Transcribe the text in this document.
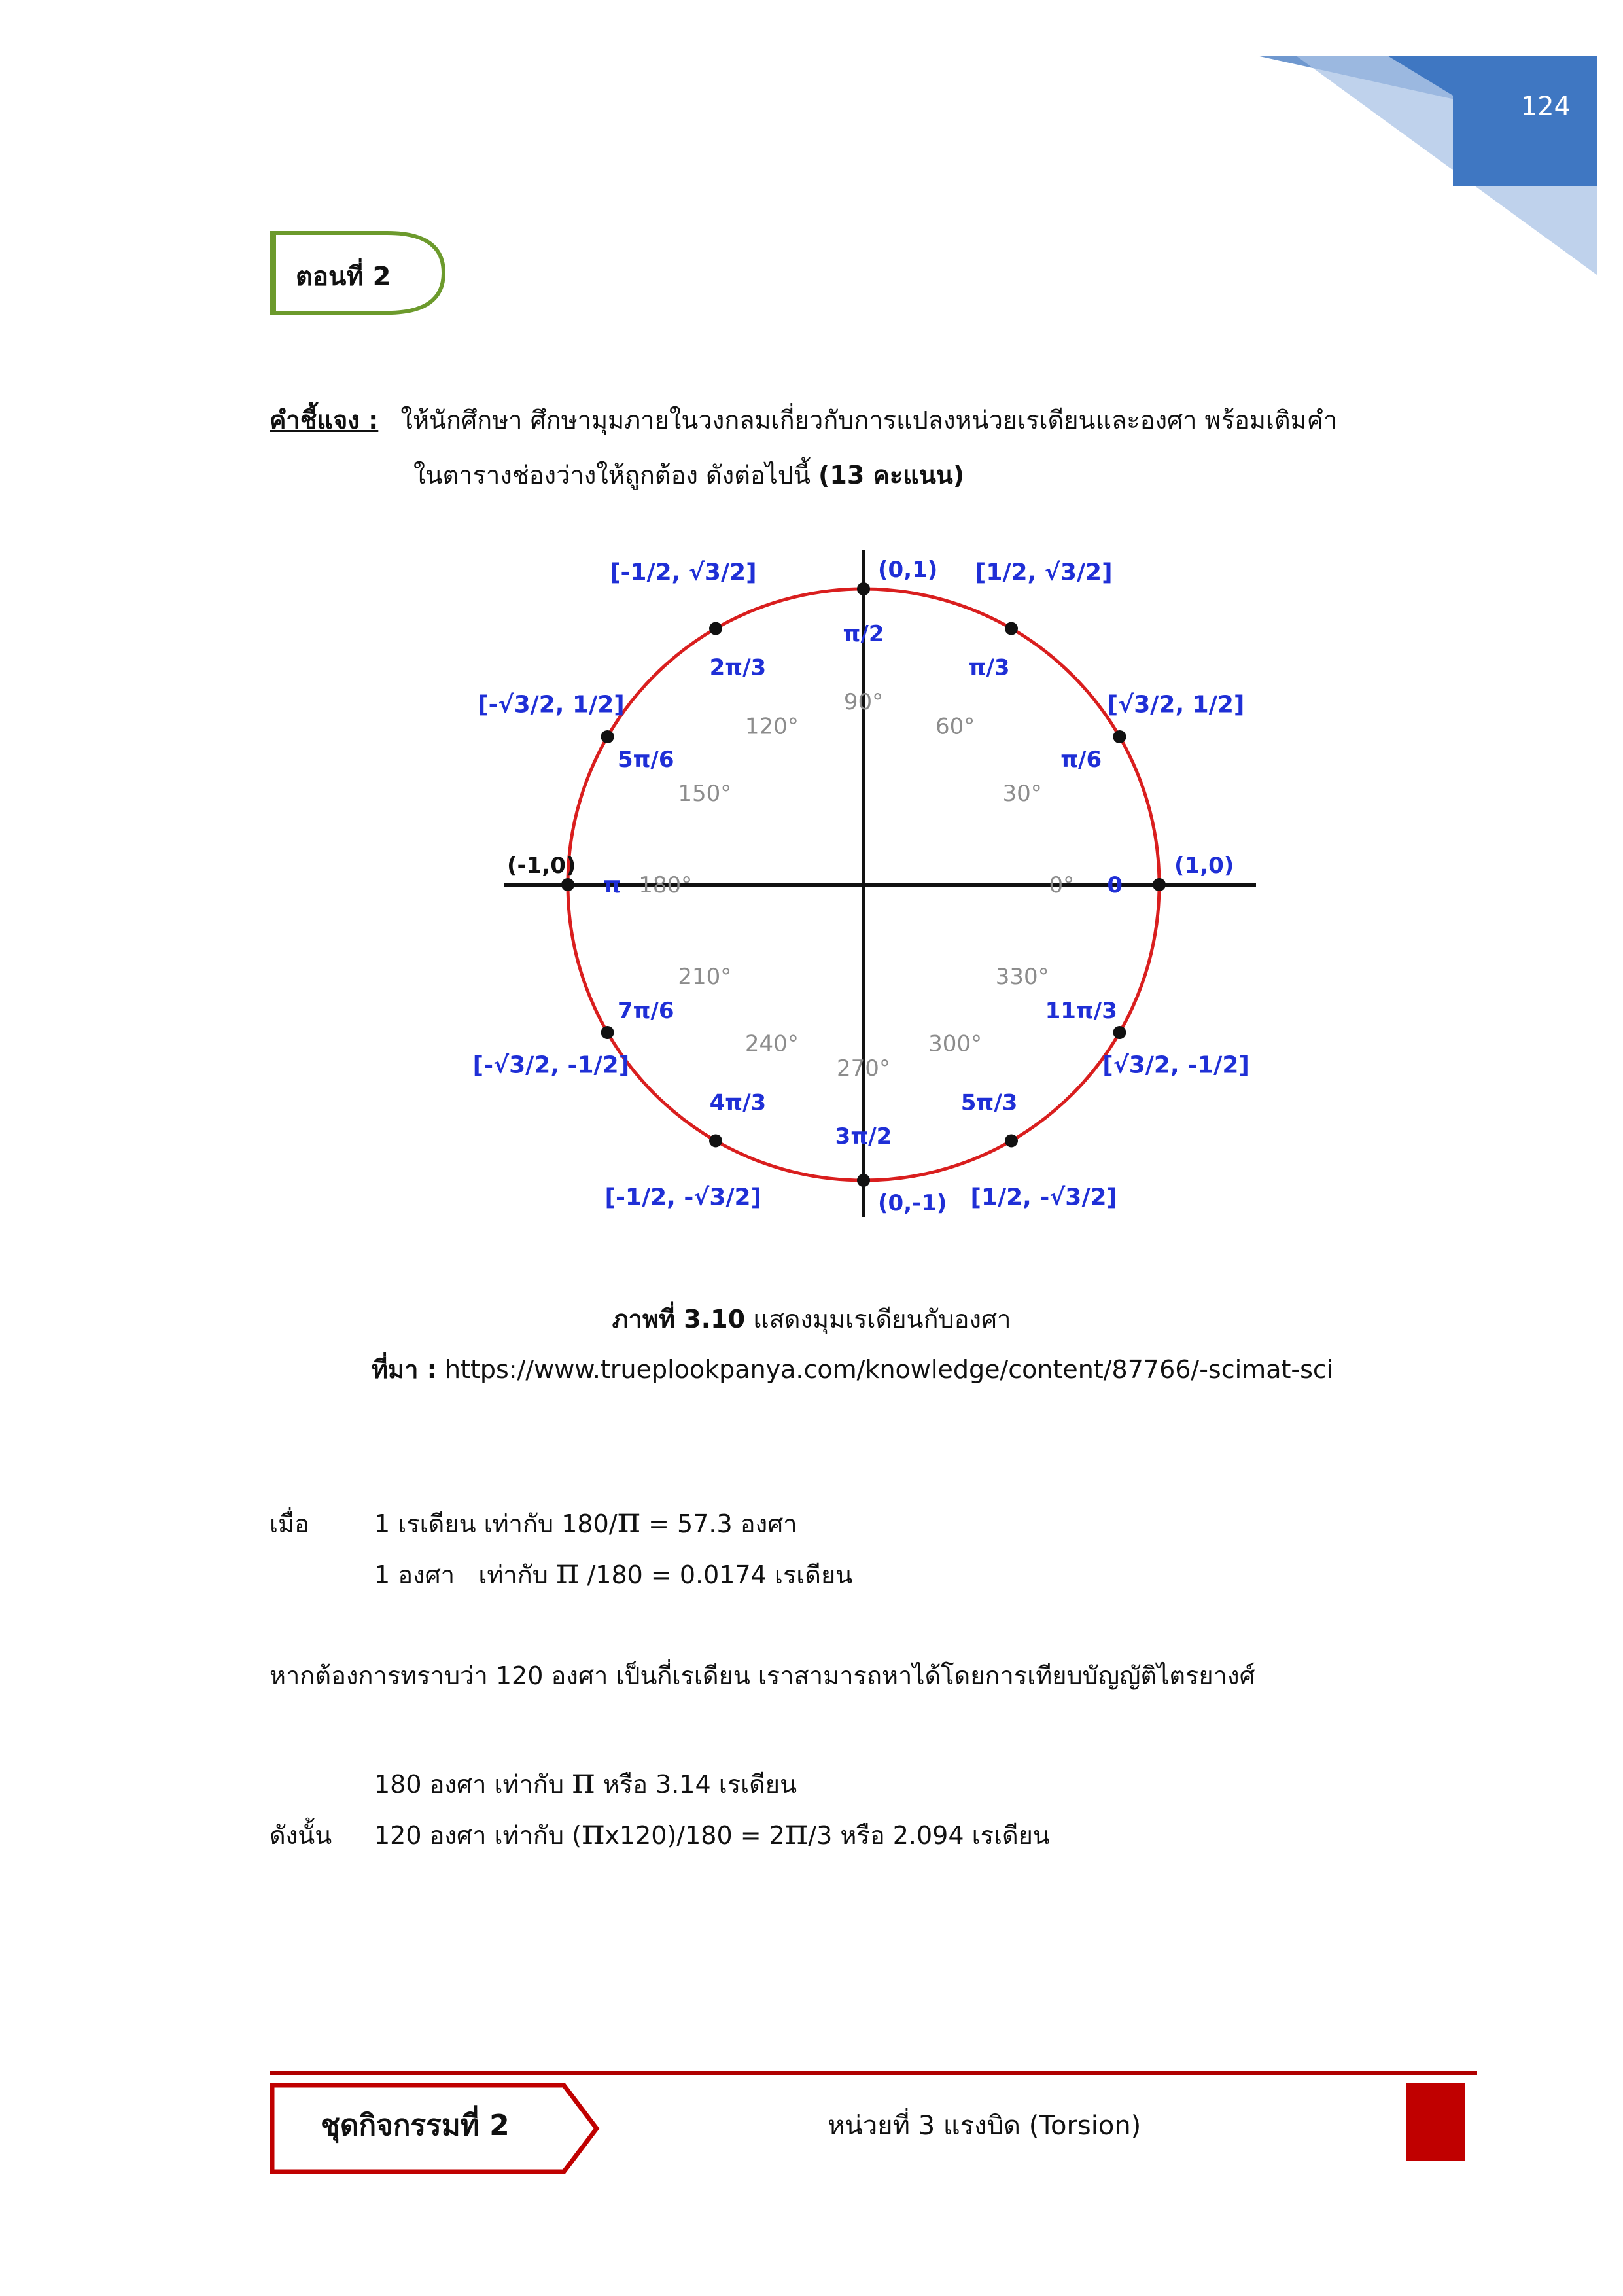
124
ตอนที่ 2
คำชี้แจง : ให้นักศึกษา ศึกษามุมภายในวงกลมเกี่ยวกับการแปลงหน่วยเรเดียนและองศา พร้อมเติมคำ
ในตารางช่องว่างให้ถูกต้อง ดังต่อไปนี้ (13 คะแนน)
0° 0
30°
π/6
60°
π/3
90°
π/2
120°
2π/3
150°
5π/6
180°
π
210°
7π/6
240°
4π/3
270°
3π/2
300°
5π/3
330°
11π/3
(0,1)
(0,-1)
(-1,0)	(1,0)
[√3/2, 1/2]
[1/2, √3/2]
[-1/2, √3/2]
[-√3/2, 1/2]
[-√3/2, -1/2]
[-1/2, -√3/2]	[1/2, -√3/2]
[√3/2, -1/2]
ภาพที่ 3.10 แสดงมุมเรเดียนกับองศา
ที่มา : https://www.trueplookpanya.com/knowledge/content/87766/-scimat-sci
เมื่อ	1 เรเดียน เท่ากับ 180/π = 57.3 องศา
1 องศา   เท่ากับ π /180 = 0.0174 เรเดียน
หากต้องการทราบว่า 120 องศา เป็นกี่เรเดียน เราสามารถหาได้โดยการเทียบบัญญัติไตรยางศ์
180 องศา เท่ากับ π หรือ 3.14 เรเดียน
ดังนั้น 120 องศา เท่ากับ (πx120)/180 = 2π/3 หรือ 2.094 เรเดียน
ชุดกิจกรรมที่ 2	หน่วยที่ 3 แรงบิด (Torsion)
